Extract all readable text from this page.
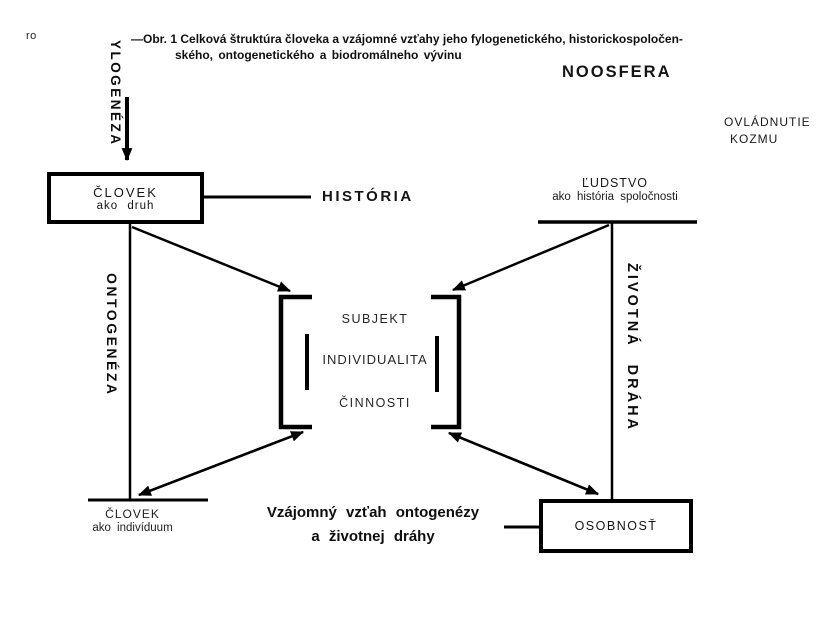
ro	—Obr. 1 Celková štruktúra človeka a vzájomné vzťahy jeho fylogenetického, historickospoločen-
ského, ontogenetického a biodromálneho vývinu
NOOSFERA
OVLÁDNUTIE
KOZMU
YLOGENÉZA
ONTOGENÉZA	ŽIVOTNÁ DRÁHA
ČLOVEK
ako druh
HISTÓRIA
ĽUDSTVO
ako história spoločnosti
SUBJEKT
INDIVIDUALITA
ČINNOSTI
ČLOVEK
ako indivíduum
Vzájomný vzťah ontogenézy
a životnej dráhy
OSOBNOSŤ
